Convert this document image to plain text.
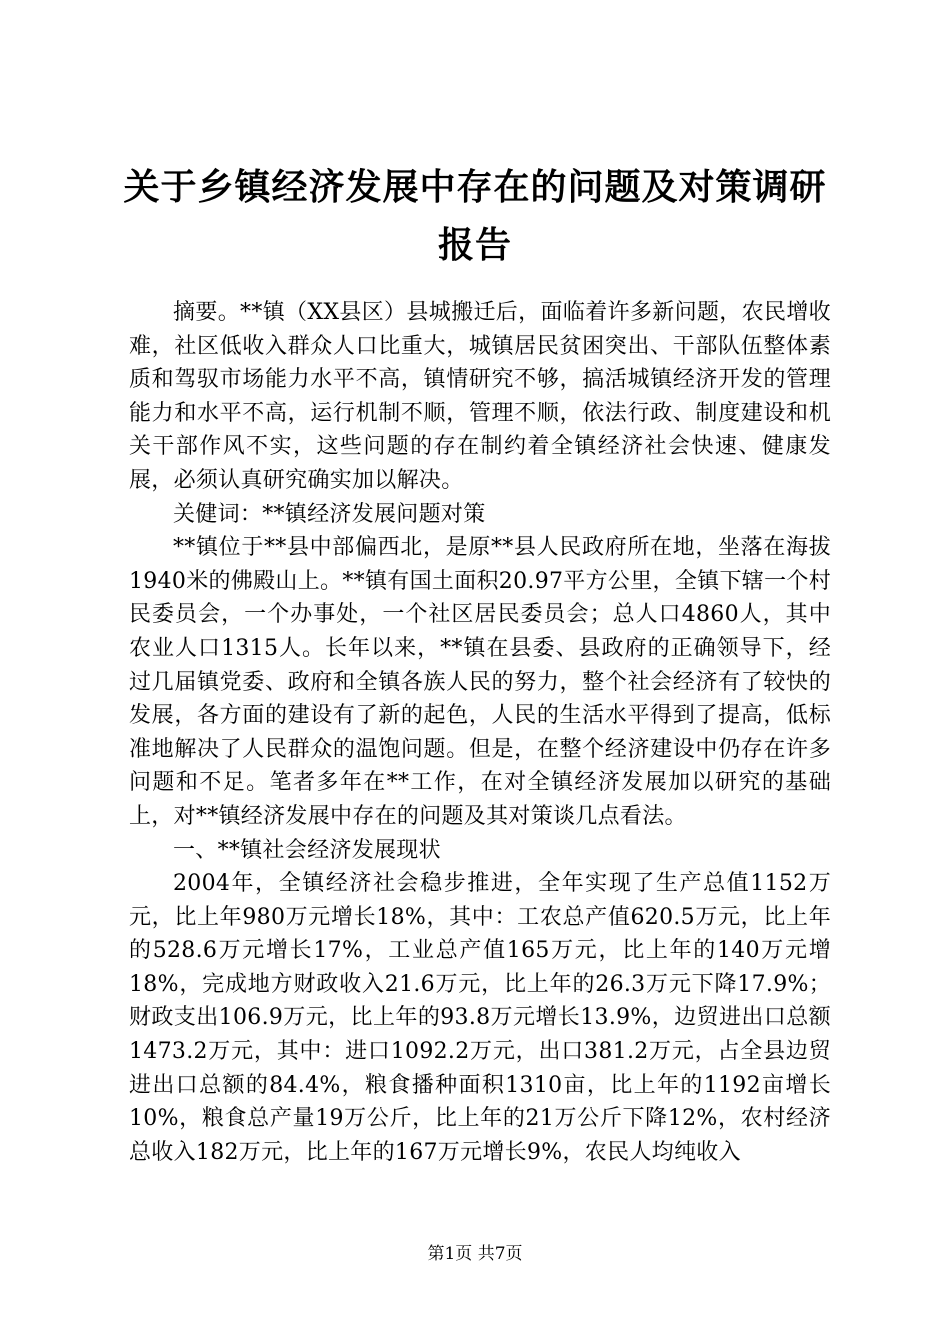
关于乡镇经济发展中存在的问题及对策调研报告

摘要。**镇（XX县区）县城搬迁后，面临着许多新问题，农民增收难，社区低收入群众人口比重大，城镇居民贫困突出、干部队伍整体素质和驾驭市场能力水平不高，镇情研究不够，搞活城镇经济开发的管理能力和水平不高，运行机制不顺，管理不顺，依法行政、制度建设和机关干部作风不实，这些问题的存在制约着全镇经济社会快速、健康发展，必须认真研究确实加以解决。

关健词：**镇经济发展问题对策

**镇位于**县中部偏西北，是原**县人民政府所在地，坐落在海拔1940米的佛殿山上。**镇有国土面积20.97平方公里，全镇下辖一个村民委员会，一个办事处，一个社区居民委员会；总人口4860人，其中农业人口1315人。长年以来，**镇在县委、县政府的正确领导下，经过几届镇党委、政府和全镇各族人民的努力，整个社会经济有了较快的发展，各方面的建设有了新的起色，人民的生活水平得到了提高，低标准地解决了人民群众的温饱问题。但是，在整个经济建设中仍存在许多问题和不足。笔者多年在**工作，在对全镇经济发展加以研究的基础上，对**镇经济发展中存在的问题及其对策谈几点看法。

一、**镇社会经济发展现状

2004年，全镇经济社会稳步推进，全年实现了生产总值1152万元，比上年980万元增长18%，其中：工农总产值620.5万元，比上年的528.6万元增长17%，工业总产值165万元，比上年的140万元增18%，完成地方财政收入21.6万元，比上年的26.3万元下降17.9%；财政支出106.9万元，比上年的93.8万元增长13.9%，边贸进出口总额1473.2万元，其中：进口1092.2万元，出口381.2万元，占全县边贸进出口总额的84.4%，粮食播种面积1310亩，比上年的1192亩增长10%，粮食总产量19万公斤，比上年的21万公斤下降12%，农村经济总收入182万元，比上年的167万元增长9%，农民人均纯收入

第1页 共7页
